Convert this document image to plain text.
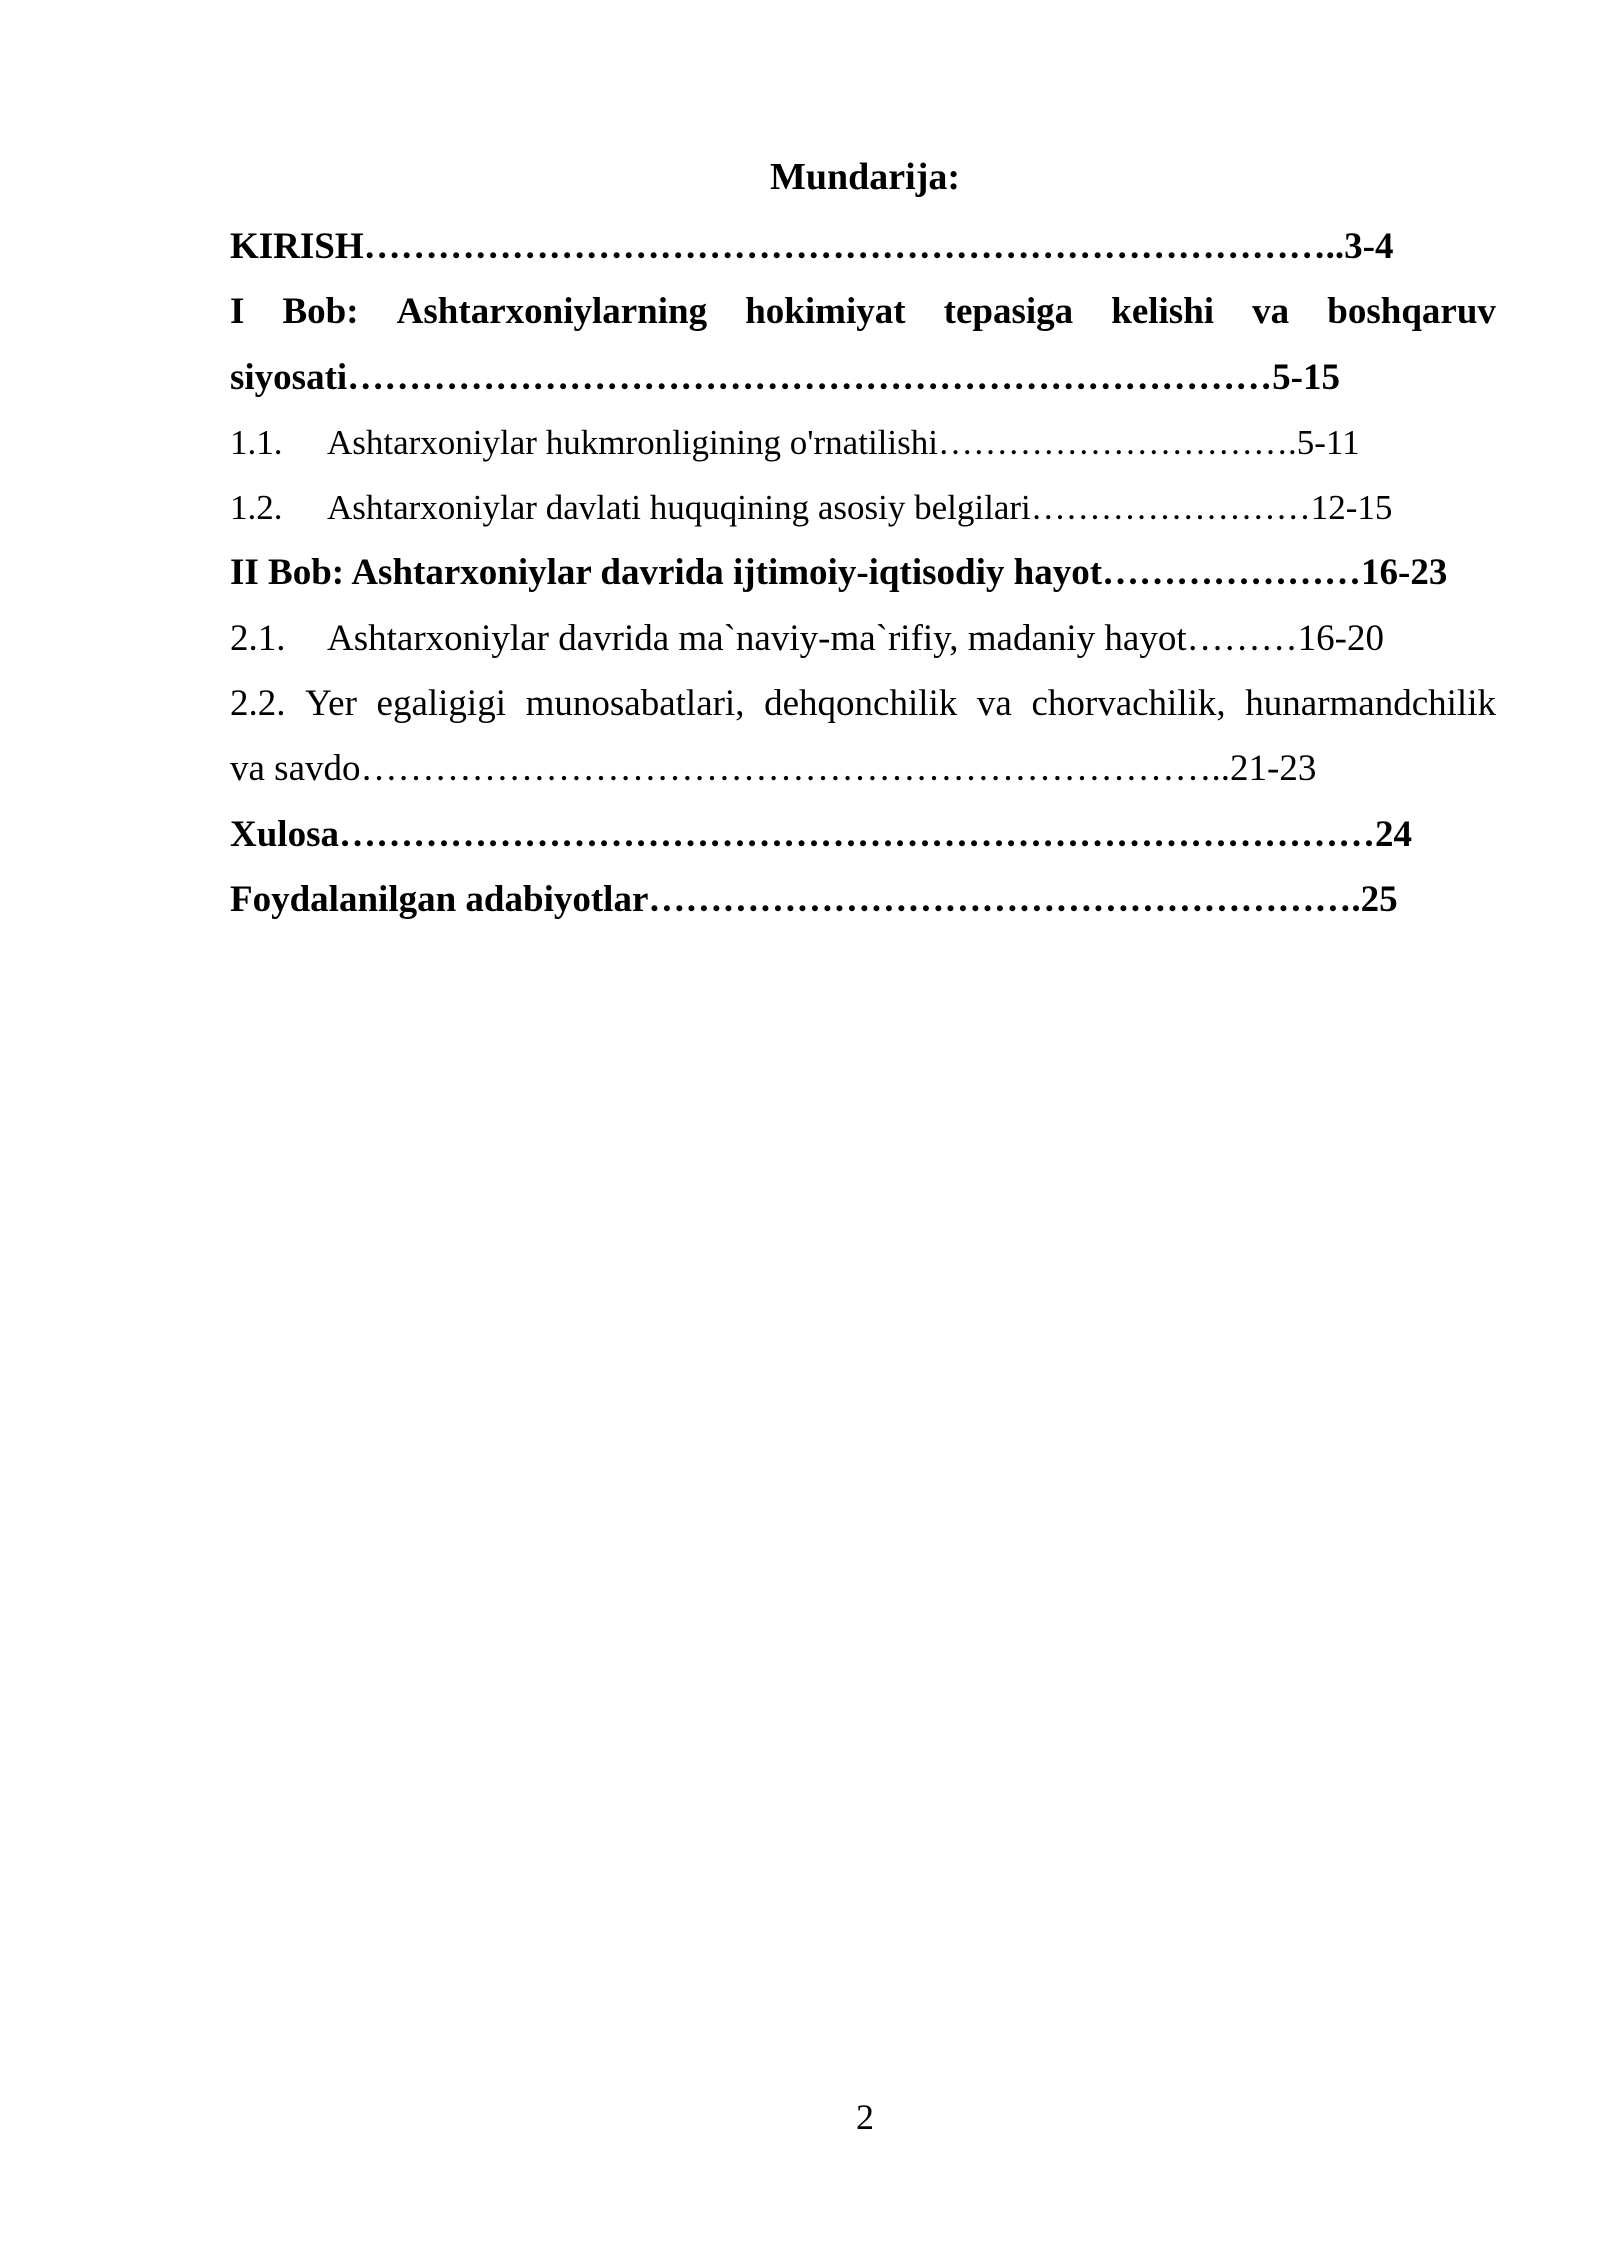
Mundarija:
KIRISH……………………………………………………………………..3-4
I Bob: Ashtarxoniylarning hokimiyat tepasiga kelishi va boshqaruv
siyosati…………………………………………………………………5-15
1.1. Ashtarxoniylar hukmronligining o'rnatilishi………………………….5-11
1.2. Ashtarxoniylar davlati huquqining asosiy belgilari……………………12-15
II Bob: Ashtarxoniylar davrida ijtimoiy-iqtisodiy hayot…………………16-23
2.1. Ashtarxoniylar davrida ma`naviy-ma`rifiy, madaniy hayot………16-20
2.2. Yer egaligigi munosabatlari, dehqonchilik va chorvachilik, hunarmandchilik
va savdo……………………………………………………………..21-23
Xulosa…………………………………………………………………………24
Foydalanilgan adabiyotlar………………………………………………….25
2
